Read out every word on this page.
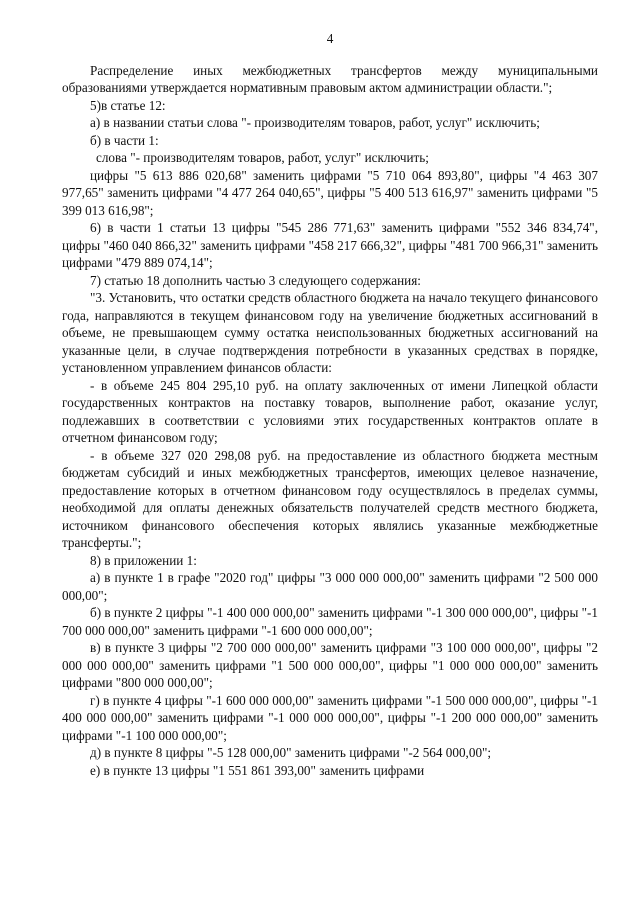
4
Распределение иных межбюджетных трансфертов между муниципальными образованиями утверждается нормативным правовым актом администрации области.";
5)в статье 12:
а) в названии статьи слова "- производителям товаров, работ, услуг" исключить;
б) в части 1:
слова "- производителям товаров, работ, услуг" исключить;
цифры "5 613 886 020,68" заменить цифрами "5 710 064 893,80", цифры "4 463 307 977,65" заменить цифрами "4 477 264 040,65", цифры "5 400 513 616,97" заменить цифрами "5 399 013 616,98";
6) в части 1 статьи 13 цифры "545 286 771,63" заменить цифрами "552 346 834,74", цифры "460 040 866,32" заменить цифрами "458 217 666,32", цифры "481 700 966,31" заменить цифрами "479 889 074,14";
7) статью 18 дополнить частью 3 следующего содержания:
"3. Установить, что остатки средств областного бюджета на начало текущего финансового года, направляются в текущем финансовом году на увеличение бюджетных ассигнований в объеме, не превышающем сумму остатка неиспользованных бюджетных ассигнований на указанные цели, в случае подтверждения потребности в указанных средствах в порядке, установленном управлением финансов области:
- в объеме 245 804 295,10 руб. на оплату заключенных от имени Липецкой области государственных контрактов на поставку товаров, выполнение работ, оказание услуг, подлежавших в соответствии с условиями этих государственных контрактов оплате в отчетном финансовом году;
- в объеме 327 020 298,08 руб. на предоставление из областного бюджета местным бюджетам субсидий и иных межбюджетных трансфертов, имеющих целевое назначение, предоставление которых в отчетном финансовом году осуществлялось в пределах суммы, необходимой для оплаты денежных обязательств получателей средств местного бюджета, источником финансового обеспечения которых являлись указанные межбюджетные трансферты.";
8) в приложении 1:
а) в пункте 1 в графе "2020 год" цифры "3 000 000 000,00" заменить цифрами "2 500 000 000,00";
б) в пункте 2 цифры "-1 400 000 000,00" заменить цифрами "-1 300 000 000,00", цифры "-1 700 000 000,00" заменить цифрами "-1 600 000 000,00";
в) в пункте 3 цифры "2 700 000 000,00" заменить цифрами "3 100 000 000,00", цифры "2 000 000 000,00" заменить цифрами "1 500 000 000,00", цифры "1 000 000 000,00" заменить цифрами "800 000 000,00";
г) в пункте 4 цифры "-1 600 000 000,00" заменить цифрами "-1 500 000 000,00", цифры "-1 400 000 000,00" заменить цифрами "-1 000 000 000,00", цифры "-1 200 000 000,00" заменить цифрами "-1 100 000 000,00";
д) в пункте 8 цифры "-5 128 000,00" заменить цифрами "-2 564 000,00";
е) в пункте 13 цифры "1 551 861 393,00" заменить цифрами
